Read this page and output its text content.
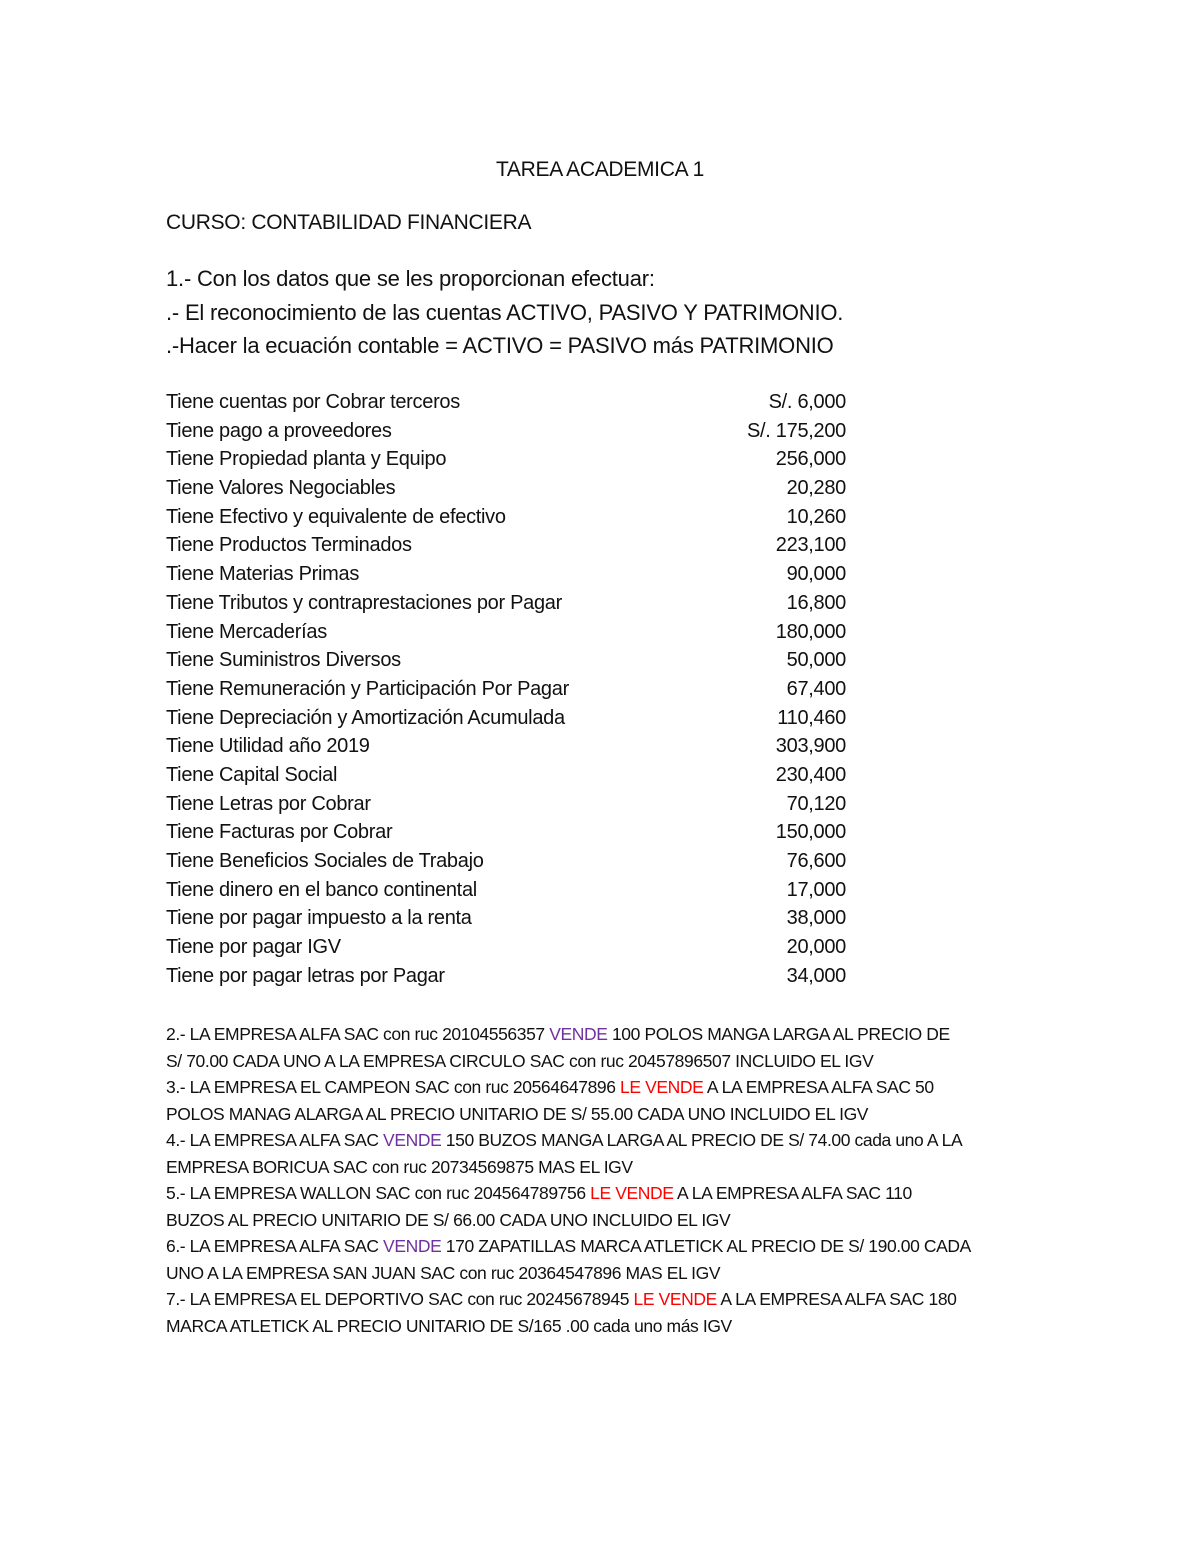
TAREA ACADEMICA 1
CURSO: CONTABILIDAD FINANCIERA
1.- Con los datos que se les proporcionan efectuar:
.- El reconocimiento de las cuentas ACTIVO, PASIVO Y PATRIMONIO.
.-Hacer la ecuación contable = ACTIVO = PASIVO más PATRIMONIO
Tiene cuentas por Cobrar terceros	S/. 6,000
Tiene pago a proveedores	S/. 175,200
Tiene Propiedad planta y Equipo	256,000
Tiene Valores Negociables	20,280
Tiene Efectivo y equivalente de efectivo	10,260
Tiene Productos Terminados	223,100
Tiene Materias Primas	90,000
Tiene Tributos y contraprestaciones por Pagar	16,800
Tiene Mercaderías	180,000
Tiene Suministros Diversos	50,000
Tiene Remuneración y Participación Por Pagar	67,400
Tiene Depreciación y Amortización Acumulada	110,460
Tiene Utilidad año 2019	303,900
Tiene Capital Social	230,400
Tiene Letras por Cobrar	70,120
Tiene Facturas por Cobrar	150,000
Tiene Beneficios Sociales de Trabajo	76,600
Tiene dinero en el banco continental	17,000
Tiene por pagar impuesto a la renta	38,000
Tiene por pagar IGV	20,000
Tiene por pagar letras por Pagar	34,000
2.- LA EMPRESA ALFA SAC con ruc 20104556357 VENDE 100 POLOS MANGA LARGA AL PRECIO DE
S/ 70.00 CADA UNO A LA EMPRESA CIRCULO SAC con ruc 20457896507 INCLUIDO EL IGV
3.- LA EMPRESA EL CAMPEON SAC con ruc 20564647896 LE VENDE A LA EMPRESA ALFA SAC 50
POLOS MANAG ALARGA AL PRECIO UNITARIO DE S/ 55.00 CADA UNO INCLUIDO EL IGV
4.- LA EMPRESA ALFA SAC VENDE 150 BUZOS MANGA LARGA AL PRECIO DE S/ 74.00 cada uno A LA
EMPRESA BORICUA SAC con ruc 20734569875 MAS EL IGV
5.- LA EMPRESA WALLON SAC con ruc 204564789756 LE VENDE A LA EMPRESA ALFA SAC 110
BUZOS AL PRECIO UNITARIO DE S/ 66.00 CADA UNO INCLUIDO EL IGV
6.- LA EMPRESA ALFA SAC VENDE 170 ZAPATILLAS MARCA ATLETICK AL PRECIO DE S/ 190.00 CADA
UNO A LA EMPRESA SAN JUAN SAC con ruc 20364547896 MAS EL IGV
7.- LA EMPRESA EL DEPORTIVO SAC con ruc 20245678945 LE VENDE A LA EMPRESA ALFA SAC 180
MARCA ATLETICK AL PRECIO UNITARIO DE S/165 .00 cada uno más IGV
